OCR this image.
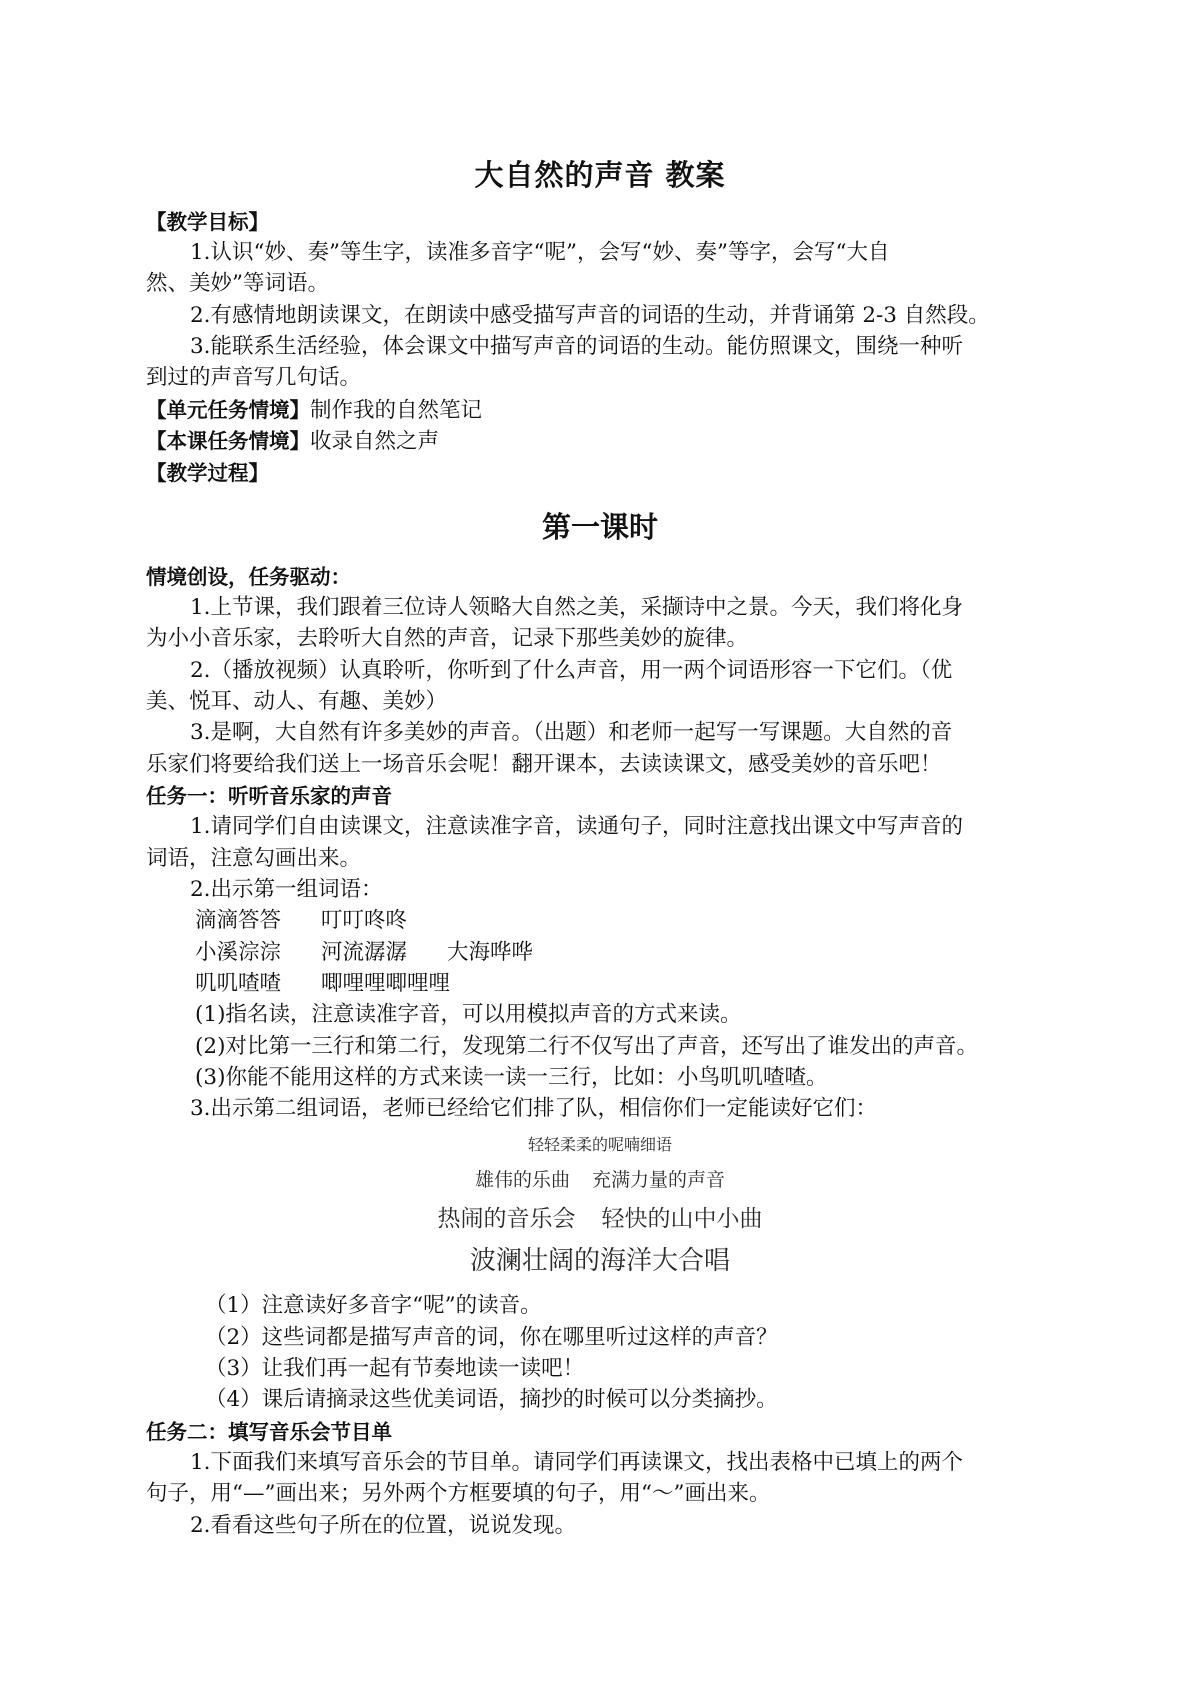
大自然的声音 教案
【教学目标】
1.认识“妙、奏”等生字，读准多音字“呢”，会写“妙、奏”等字，会写“大自
然、美妙”等词语。
2.有感情地朗读课文，在朗读中感受描写声音的词语的生动，并背诵第 2-3 自然段。
3.能联系生活经验，体会课文中描写声音的词语的生动。能仿照课文，围绕一种听
到过的声音写几句话。
【单元任务情境】制作我的自然笔记
【本课任务情境】收录自然之声
【教学过程】
第一课时
情境创设，任务驱动：
1.上节课，我们跟着三位诗人领略大自然之美，采撷诗中之景。今天，我们将化身
为小小音乐家，去聆听大自然的声音，记录下那些美妙的旋律。
2.（播放视频）认真聆听，你听到了什么声音，用一两个词语形容一下它们。（优
美、悦耳、动人、有趣、美妙）
3.是啊，大自然有许多美妙的声音。（出题）和老师一起写一写课题。大自然的音
乐家们将要给我们送上一场音乐会呢！翻开课本，去读读课文，感受美妙的音乐吧！
任务一：听听音乐家的声音
1.请同学们自由读课文，注意读准字音，读通句子，同时注意找出课文中写声音的
词语，注意勾画出来。
2.出示第一组词语：
滴滴答答 叮叮咚咚
小溪淙淙 河流潺潺 大海哗哗
叽叽喳喳 唧哩哩唧哩哩
(1)指名读，注意读准字音，可以用模拟声音的方式来读。
(2)对比第一三行和第二行，发现第二行不仅写出了声音，还写出了谁发出的声音。
(3)你能不能用这样的方式来读一读一三行，比如：小鸟叽叽喳喳。
3.出示第二组词语，老师已经给它们排了队，相信你们一定能读好它们：
轻轻柔柔的呢喃细语
雄伟的乐曲 充满力量的声音
热闹的音乐会 轻快的山中小曲
波澜壮阔的海洋大合唱
（1）注意读好多音字“呢”的读音。
（2）这些词都是描写声音的词，你在哪里听过这样的声音？
（3）让我们再一起有节奏地读一读吧！
（4）课后请摘录这些优美词语，摘抄的时候可以分类摘抄。
任务二：填写音乐会节目单
1.下面我们来填写音乐会的节目单。请同学们再读课文，找出表格中已填上的两个
句子，用“—”画出来；另外两个方框要填的句子，用“～”画出来。
2.看看这些句子所在的位置，说说发现。
